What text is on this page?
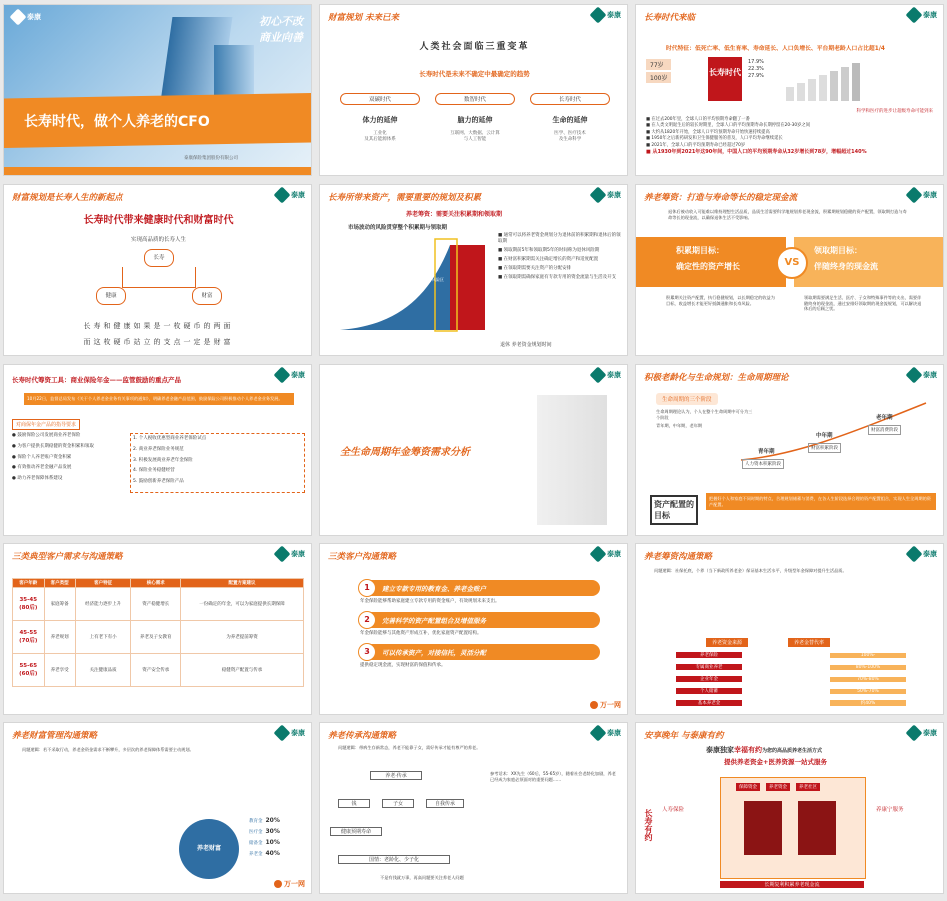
泰康	初心不改
商业向善
长寿时代，做个人养老的CFO
泰康保险集团股份有限公司
财富规划 未来已来	泰康
人类社会面临三重变革
长寿时代是未来不确定中最确定的趋势
双碳时代
体力的延伸
工业化
及其后能源体系
数智时代
脑力的延伸
互联网、大数据、云计算
与人工智能
长寿时代
生命的延伸
医学、医疗技术
及生命科学
长寿时代来临	泰康
时代特征：低死亡率、低生育率、寿命延长、人口负增长、平台期老龄人口占比超1/4
长寿时代
77岁
100岁
17.9%
22.3%
27.9%
科学和医疗的进步让超级寿命可能到来
■ 在过去200年里，全球人口的平均预期寿命翻了一番
■ 在人类文明诞生后的较长时期里，全球人口的平均预期寿命长期停留在20-30岁之间
■ 大约从1820年开始，全球人口平均预期寿命开始快速持续提高
■ 1950年之后新药研发和卫生保健服务的普及，人口平均寿命继续延长
■ 2021年，全球人口的平均预期寿命已经超过70岁
■ 从1930年到2021年这90年间，中国人口的平均预期寿命从32岁增长到78岁，增幅超过140%
财富规划是长寿人生的新起点	泰康
长寿时代带来健康时代和财富时代
实现高品质的长寿人生
长寿
健康	财富
长寿和健康如果是一枚硬币的两面
而这枚硬币站立的支点一定是财富
长寿所带来资产，需要重要的规划及积累	泰康
养老筹资：需要关注积累期和领取期
市场波动的风险贯穿整个积累期与领取期
风险区
■ 通常可以将养老资金规划分为退休前的积累期和退休后的领取期
■ 领取期前5年和领取期5年的时间称为退休风险期
■ 在财富积累期需关注确定增长的资产和适度配置
■ 在领取期需要关注资产的分配安排
■ 在领取期需确保家庭有专款专用的资金流量与生活及开支
退休 养老资金规划时间
养老筹资：打造与寿命等长的稳定现金流	泰康
退休后被动收入可能难以维持理想生活品质，品质生活需要科学地规划养老现金流，积累期规划稳健的资产配置，领取期打造与寿命等长的现金流，以确保退休生活不受影响。
积累期目标：
确定性的资产增长	VS
领取期目标：
伴随终身的现金流
积累期关注资产配置，执行稳健规划，以长期稳定的收益为目标，收益增长才能更好抵御通胀和长寿风险。
领取期需要满足生活、医疗、子女和特殊事件等的支出，需要伴随终身的现金流，通过安排好领取期的现金流规划，可以解决退休后的后顾之忧。
泰康
长寿时代筹资工具：商业保险年金——监管鼓励的重点产品
10月22日，监督总局发布《关于个人养老金业务有关事项的通知》，明确养老金融产品范围，鼓励保险公司积极推动个人养老金业务发展。
对商保年金产品的指导要求
● 鼓励保险公司发展商业养老保险
● 为客户提供长期稳健的资金积累和领取
● 保险个人养老账户资金积累
● 有效推动养老金融产品发展
● 助力养老保障体系建设
1. 个人税收优惠型商业养老保险试点
2. 商业养老保险业务规范
3. 积极发展商业养老年金保险
4. 保险业务稳健经营
5. 鼓励创新养老保险产品
泰康
全生命周期年金筹资需求分析
积极老龄化与生命规划：生命周期理论	泰康
生命周期的三个阶段
生命周期理论认为，个人在整个生命周期中可分为三个阶段
青年期，中年期，老年期
青年期
中年期
老年期
人力资本积累阶段
财富积累阶段
财富消费阶段
资产配置的目标
把握好个人和家庭不同时期的特点，合理规划储蓄与消费，在各人生阶段选择合理的资产配置组合，实现人生全周期的资产配置。
三类典型客户需求与沟通策略	泰康
客户年龄	客户类型	客户特征	核心需求	配置方案建议
35-45
(80后)	家庭筹备	经济能力逐步上升	资产稳健增长	一份确定的年金，可以为家庭提供长期保障
45-55
(70后)	养老规划	上有老下有小	养老及子女教育	为养老提前筹资
55-65
(60后)	养老享受	关注健康品质	资产安全传承	稳健资产配置与传承
三类客户沟通策略	泰康
1	建立专款专用的教育金、养老金账户
年金保险能够帮助家庭建立专款专用的资金账户，有效规划未来支出。
2	完善科学的资产配置组合及增值服务
年金保险能够与其他资产形成互补，优化家庭资产配置结构。
3	可以传承资产，对接信托，灵活分配
提供稳定现金流，实现财富的保值和传承。
万一网
养老筹资沟通策略	泰康
问题逻辑：社保托底，个养（当下新政所养老金）保证基本生活水平，升级型年金保障对提升生活品质。
养老资金来源	养老金替代率
养老保险	100%-
专属商业养老	80%-100%
企业年金	70%-80%
个人储蓄	50%-70%
基本养老金	约40%
养老财富管理沟通策略	泰康
问题逻辑：若不采取行动，养老金资金需求不断攀升，多层次的养老保障体系需要主动规划。
养老财富
教育金 20%
医疗金 30%
储备金 10%
养老金 40%
万一网
养老传承沟通策略	泰康
问题逻辑：带病生存新常态，养老不能靠子女，需好传承才能有尊严的养老。
养老·传承
钱	子女	自我传承
健康预期寿命
国情：老龄化、少子化
不是有钱就万事，再高问题要关注养老人问题
参考话术：XX先生（60后，55-65岁），随着社会老龄化加剧，养老已经成为家庭必须面对的重要问题……
安享晚年 与泰康有约	泰康
泰康独家幸福有约为您的高品质养老生活方式
提供养老资金+医养资源一站式服务
长寿有约 人寿保险	养康宁服务
保障资金	养老资金	养老社区
长期复利积累养老现金流
